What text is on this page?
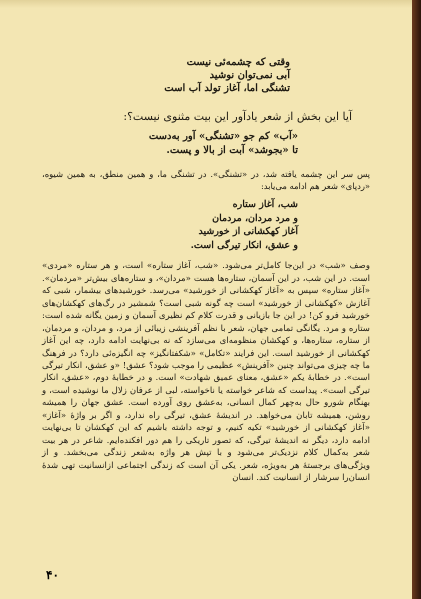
وقتی که چشمه‌ئی نیست

آبی نمی‌توان نوشید

تشنگی اما، آغاز تولد آب است

آیا این بخش از شعر یادآور این بیت مثنوی نیست؟:

«آب» کم جو «تشنگی» آور به‌دست

تا «بجوشد» آبت از بالا و پست.

پس سر این چشمه یافته شد، در «تشنگی». در تشنگی ما، و همین منطق، به همین شیوه، «ردپای» شعر هم ادامه می‌یابد:

شب، آغاز ستاره

و مرد مردان، مردمان

آغاز کهکشانی از خورشید

و عشق، انکار تیرگی است.

وصف «شب» در این‌جا کامل‌تر می‌شود. «شب، آغاز ستاره» است، و هر ستاره «مردی» است. در این شب، در این آسمان، ستاره‌ها هست «مردان»، و ستاره‌های بیش‌تر «مردمان». «آغاز ستاره» سپس به «آغاز کهکشانی از خورشید» می‌رسد. خورشیدهای بیشمار، شبی که آغازش «کهکشانی از خورشید» است چه گونه شبی است؟ شمشیر در رگ‌های کهکشان‌های خورشید فرو کن! در این جا بازیانی و قدرت کلام کم نظیری آسمان و زمین یگانه شده است: ستاره و مرد. یگانگی تمامی جهان، شعر با نظم آفرینشی زیبائی از مرد، و مردان، و مردمان، از ستاره، ستاره‌ها، و کهکشان منظومه‌ای می‌سازد که نه بی‌نهایت ادامه دارد، چه این آغاز کهکشانی از خورشید است. این فرایند «تکامل» «شکفتانگیز» چه انگیزه‌ئی دارد؟ در فرهنگ ما چه چیزی می‌تواند چنین «آفرینش» عظیمی را موجب شود؟ عشق! «و عشق، انکار تیرگی است». در خطابهٔ یکم «عشق، معنای عمیق شهادت» است. و در خطابهٔ دوم، «عشق، انکار تیرگی است». پیداست که شاعر خواسته یا ناخواسته، لبی از عرفان زلال ما نوشیده است، و بهنگام شورو حال به‌چهر کمال انسانی، به‌عشق روی آورده است. عشق جهان را همیشه روشن، همیشه تابان می‌خواهد. در اندیشهٔ عشق، تیرگی راه ندارد، و اگر بر واژهٔ «آغاز» «آغاز کهکشانی از خورشید» تکیه کنیم، و توجه داشته باشیم که این کهکشان تا بی‌نهایت ادامه دارد، دیگر نه اندیشهٔ تیرگی، که تصور تاریکی را هم دور افکنده‌ایم. شاعر در هر بیت شعر به‌کمال کلام نزدیک‌تر می‌شود و با تپش هر واژه به‌شعر زندگی می‌بخشد. و از ویژگی‌های برجستهٔ هر به‌ویژه، شعر. یکی آن است که زندگی اجتماعی ازانسانیت تهی شدهٔ انسان‌را سرشار از انسانیت کند. انسان

۴۰
